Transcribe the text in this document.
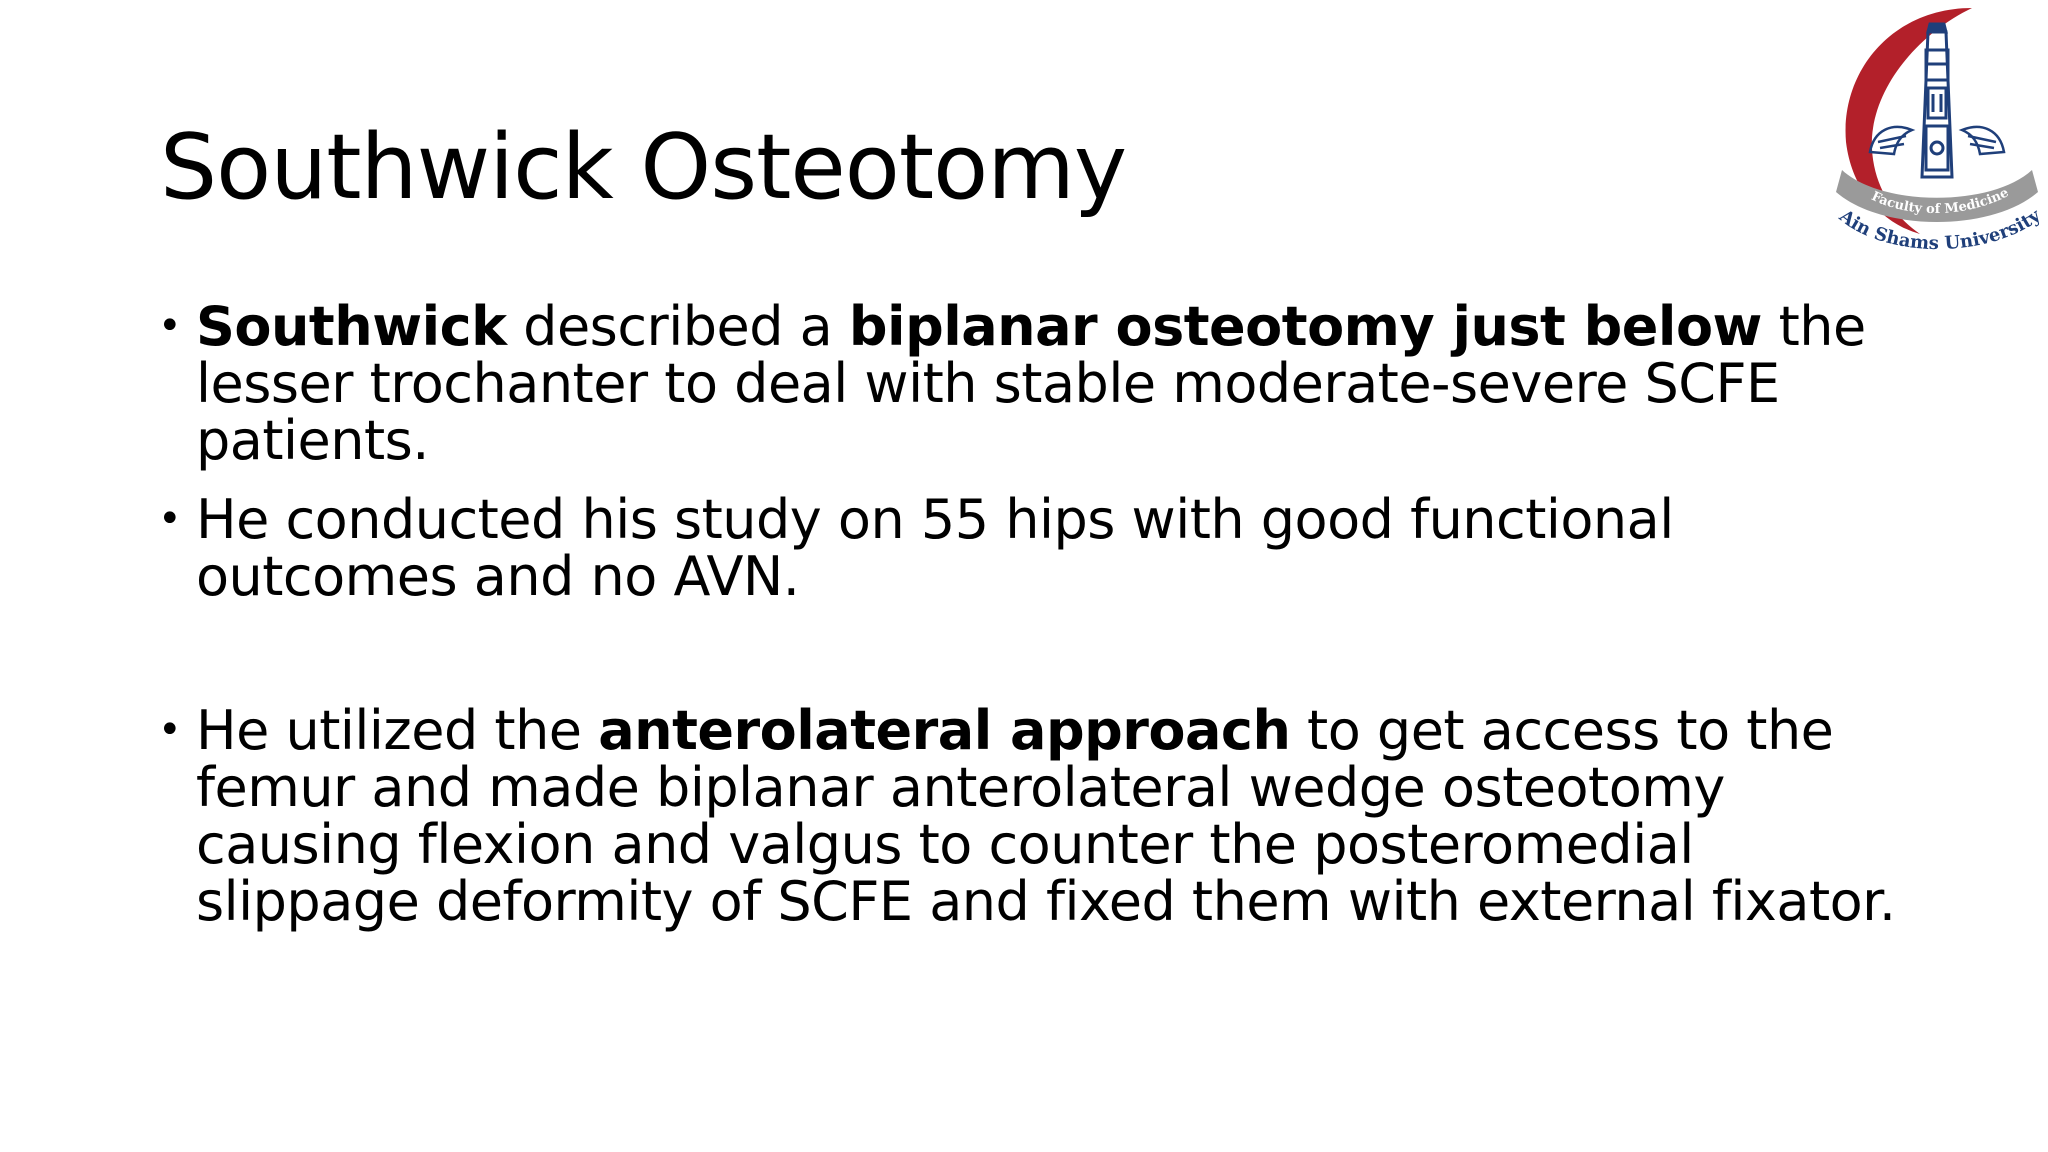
Southwick Osteotomy
• Southwick described a biplanar osteotomy just below the lesser trochanter to deal with stable moderate-severe SCFE patients.
• He conducted his study on 55 hips with good functional outcomes and no AVN.
• He utilized the anterolateral approach to get access to the femur and made biplanar anterolateral wedge osteotomy causing flexion and valgus to counter the posteromedial slippage deformity of SCFE and fixed them with external fixator.
Faculty of Medicine
Ain Shams University
